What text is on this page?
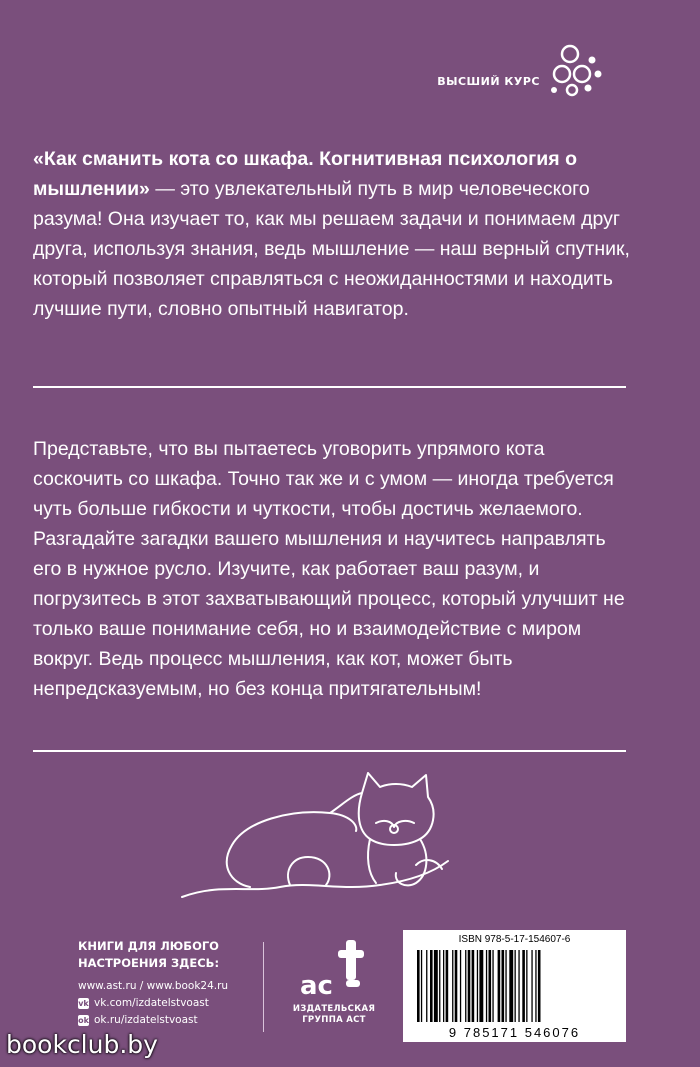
ВЫСШИЙ КУРС

«Как сманить кота со шкафа. Когнитивная психология о мышлении» — это увлекательный путь в мир человеческого разума! Она изучает то, как мы решаем задачи и понимаем друг друга, используя знания, ведь мышление — наш верный спутник, который позволяет справляться с неожиданностями и находить лучшие пути, словно опытный навигатор.

Представьте, что вы пытаетесь уговорить упрямого кота соскочить со шкафа. Точно так же и с умом — иногда требуется чуть больше гибкости и чуткости, чтобы достичь желаемого. Разгадайте загадки вашего мышления и научитесь направлять его в нужное русло. Изучите, как работает ваш разум, и погрузитесь в этот захватывающий процесс, который улучшит не только ваше понимание себя, но и взаимодействие с миром вокруг. Ведь процесс мышления, как кот, может быть непредсказуемым, но без конца притягательным!

КНИГИ ДЛЯ ЛЮБОГО
НАСТРОЕНИЯ ЗДЕСЬ:
www.ast.ru / www.book24.ru
vk vk.com/izdatelstvoast
ok ok.ru/izdatelstvoast
ас
ИЗДАТЕЛЬСКАЯ
ГРУППА АСТ
ISBN 978-5-17-154607-6
9 785171 546076
bookclub.by
